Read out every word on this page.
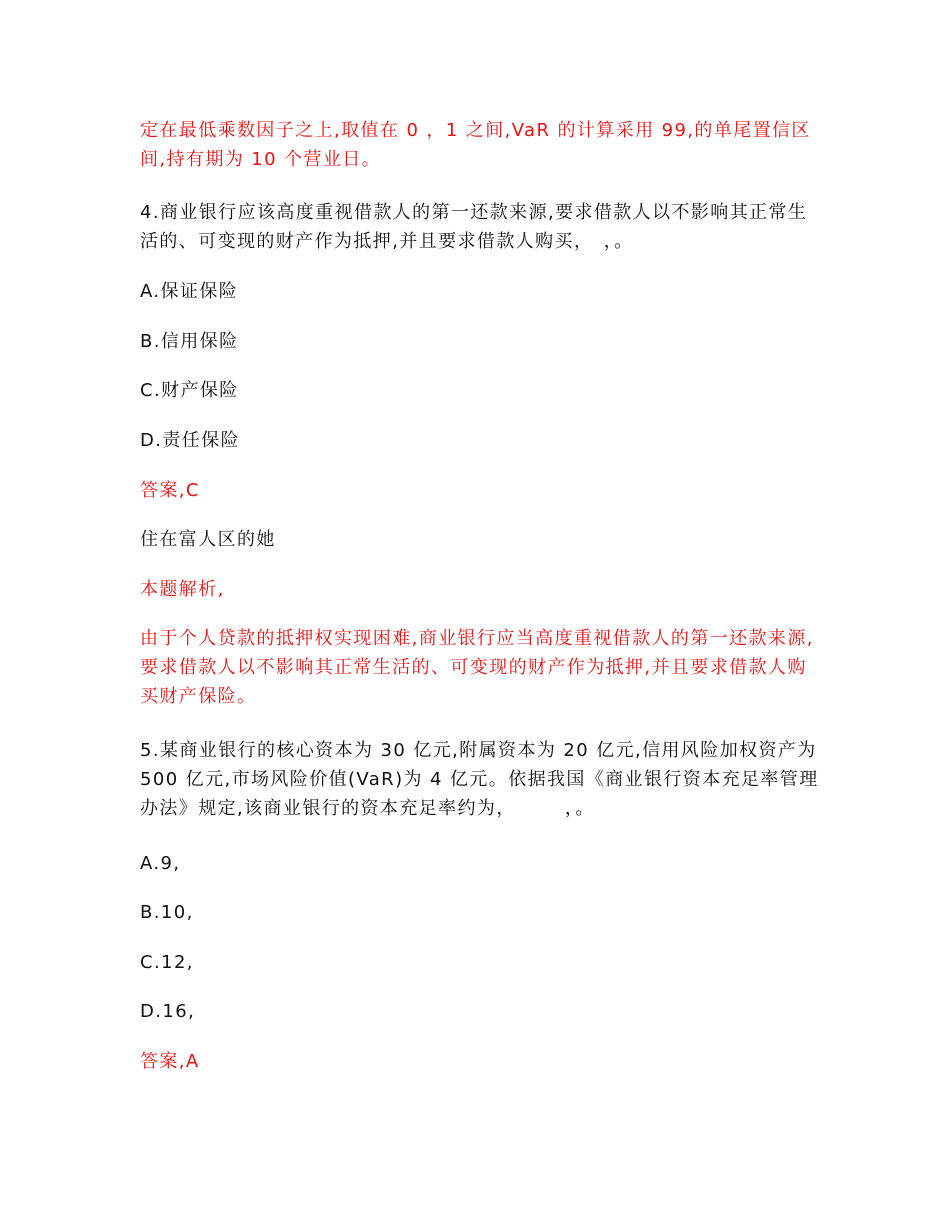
定在最低乘数因子之上,取值在 0 ，1 之间,VaR 的计算采用 99,的单尾置信区间,持有期为 10 个营业日。

4.商业银行应该高度重视借款人的第一还款来源,要求借款人以不影响其正常生活的、可变现的财产作为抵押,并且要求借款人购买，　，。

A.保证保险

B.信用保险

C.财产保险

D.责任保险

答案,C

住在富人区的她

本题解析,

由于个人贷款的抵押权实现困难,商业银行应当高度重视借款人的第一还款来源,要求借款人以不影响其正常生活的、可变现的财产作为抵押,并且要求借款人购买财产保险。

5.某商业银行的核心资本为 30 亿元,附属资本为 20 亿元,信用风险加权资产为 500 亿元,市场风险价值(VaR)为 4 亿元。依据我国《商业银行资本充足率管理办法》规定,该商业银行的资本充足率约为，　　　，。

A.9,

B.10,

C.12,

D.16,

答案,A
